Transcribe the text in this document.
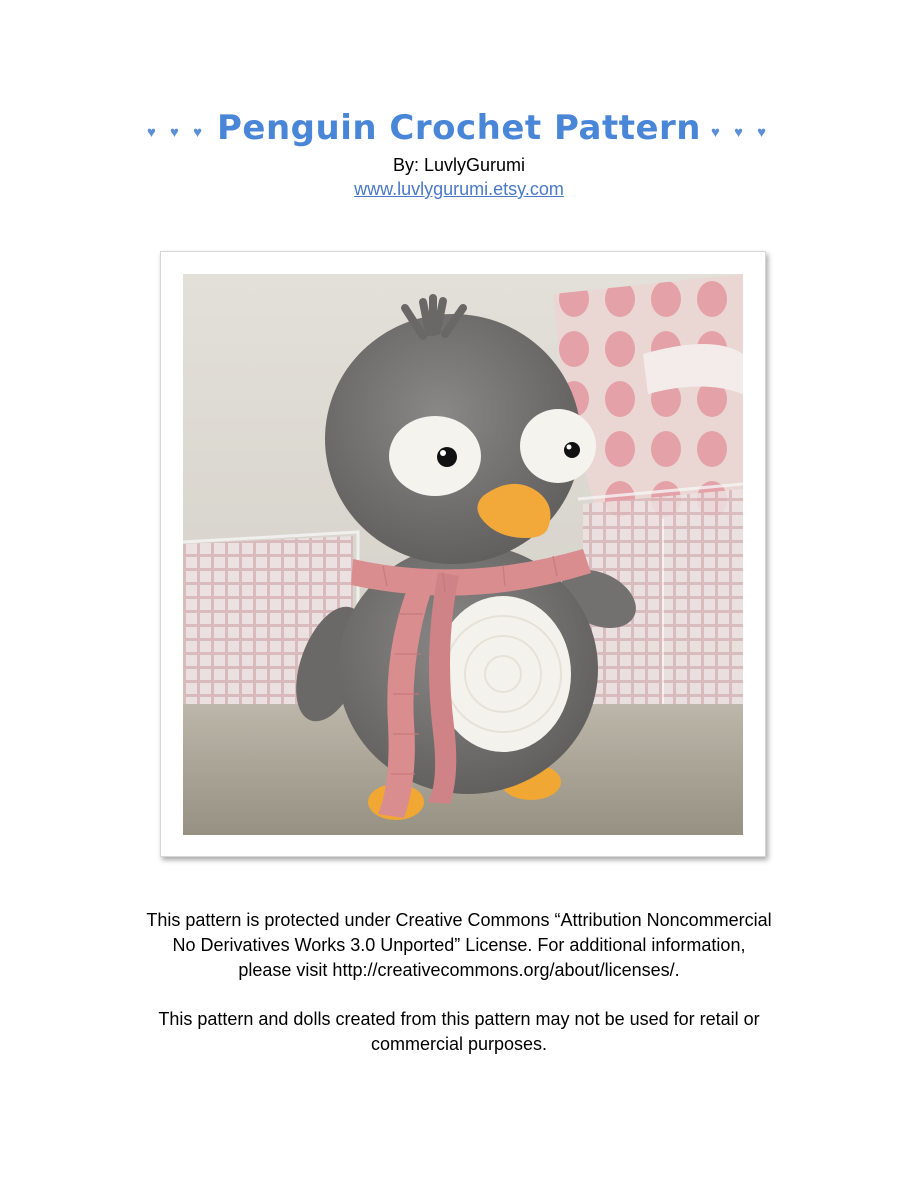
♥ ♥ ♥ Penguin Crochet Pattern ♥ ♥ ♥
By: LuvlyGurumi
www.luvlygurumi.etsy.com

This pattern is protected under Creative Commons “Attribution Noncommercial
No Derivatives Works 3.0 Unported” License. For additional information,
please visit http://creativecommons.org/about/licenses/.

This pattern and dolls created from this pattern may not be used for retail or
commercial purposes.
